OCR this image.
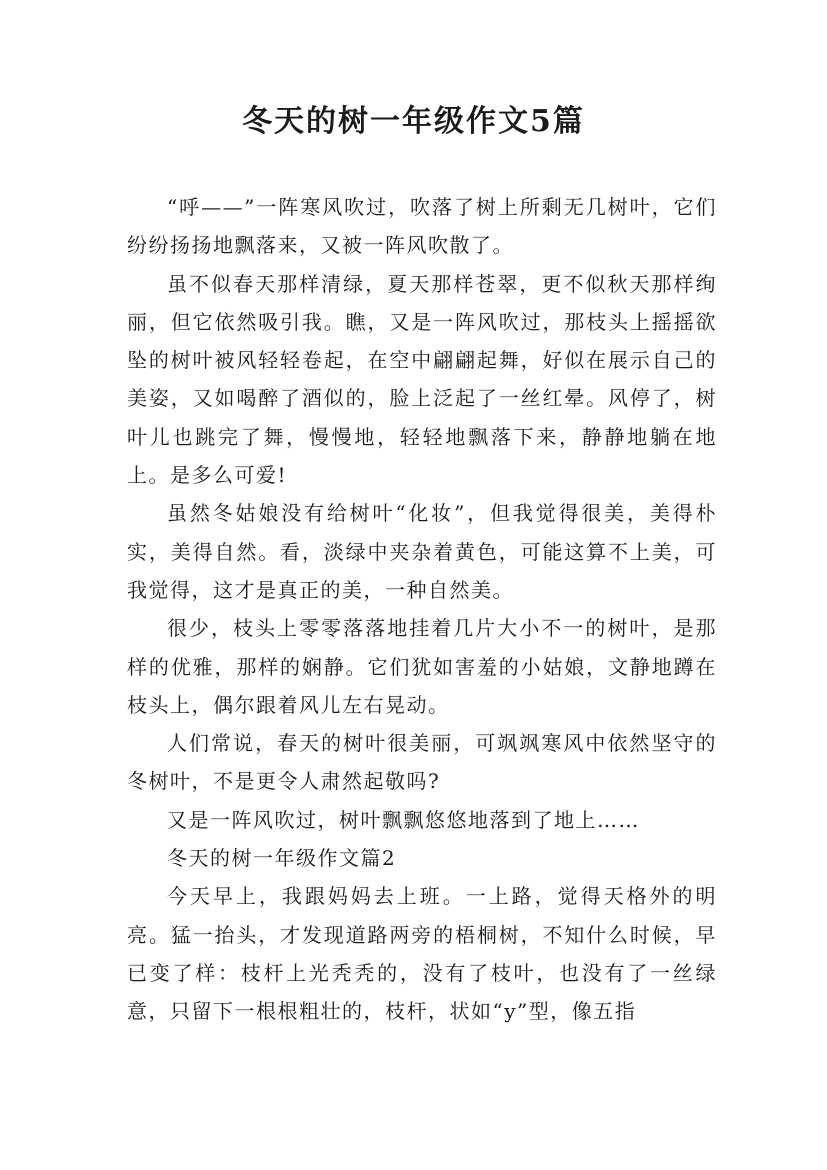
冬天的树一年级作文5篇

“呼——”一阵寒风吹过，吹落了树上所剩无几树叶，它们纷纷扬扬地飘落来，又被一阵风吹散了。

虽不似春天那样清绿，夏天那样苍翠，更不似秋天那样绚丽，但它依然吸引我。瞧，又是一阵风吹过，那枝头上摇摇欲坠的树叶被风轻轻卷起，在空中翩翩起舞，好似在展示自己的美姿，又如喝醉了酒似的，脸上泛起了一丝红晕。风停了，树叶儿也跳完了舞，慢慢地，轻轻地飘落下来，静静地躺在地上。是多么可爱!

虽然冬姑娘没有给树叶“化妆”，但我觉得很美，美得朴实，美得自然。看，淡绿中夹杂着黄色，可能这算不上美，可我觉得，这才是真正的美，一种自然美。

很少，枝头上零零落落地挂着几片大小不一的树叶，是那样的优雅，那样的娴静。它们犹如害羞的小姑娘，文静地蹲在枝头上，偶尔跟着风儿左右晃动。

人们常说，春天的树叶很美丽，可飒飒寒风中依然坚守的冬树叶，不是更令人肃然起敬吗?

又是一阵风吹过，树叶飘飘悠悠地落到了地上……

冬天的树一年级作文篇2

今天早上，我跟妈妈去上班。一上路，觉得天格外的明亮。猛一抬头，才发现道路两旁的梧桐树，不知什么时候，早已变了样：枝杆上光秃秃的，没有了枝叶，也没有了一丝绿意，只留下一根根粗壮的，枝杆，状如“y”型，像五指
